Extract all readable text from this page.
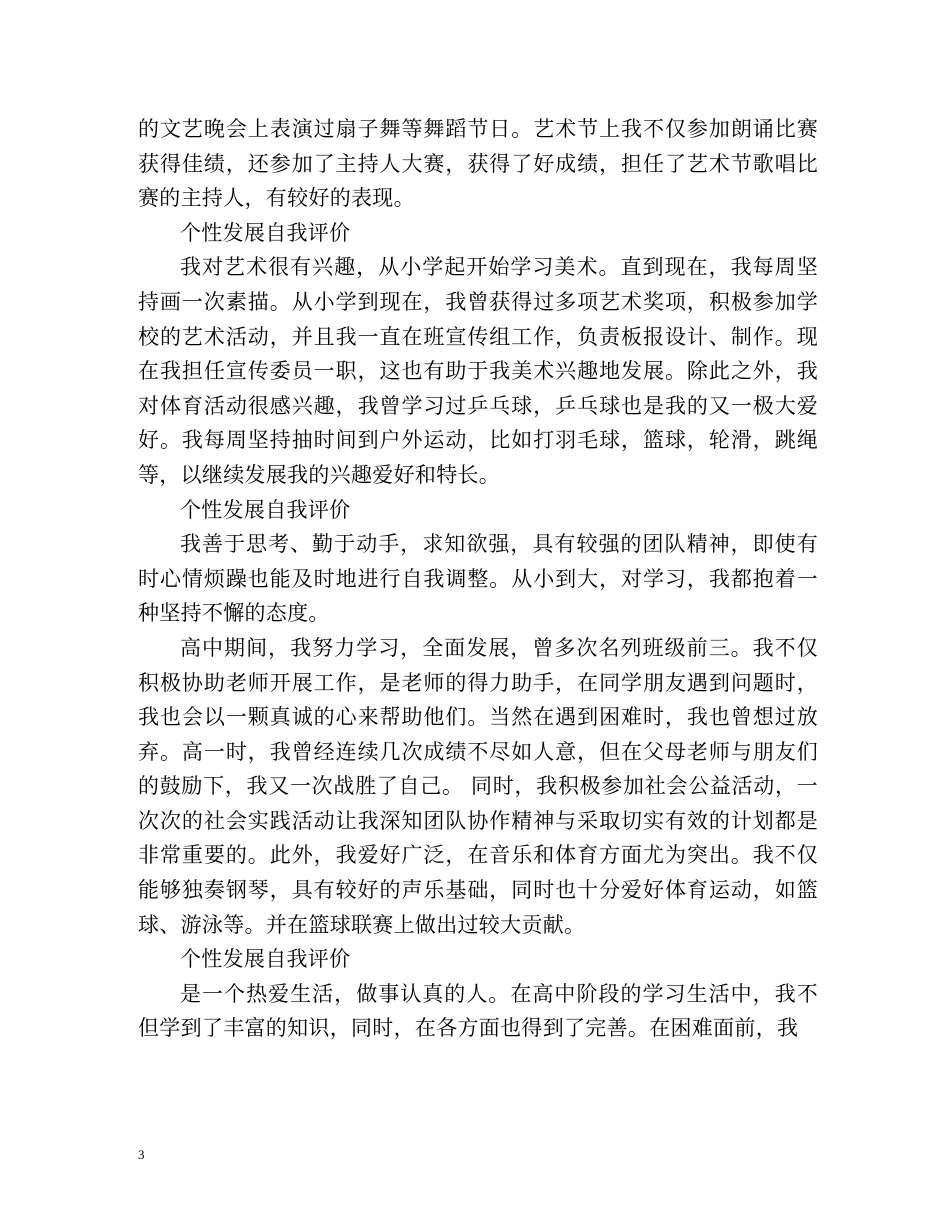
的文艺晚会上表演过扇子舞等舞蹈节日。艺术节上我不仅参加朗诵比赛获得佳绩，还参加了主持人大赛，获得了好成绩，担任了艺术节歌唱比赛的主持人，有较好的表现。

个性发展自我评价

我对艺术很有兴趣，从小学起开始学习美术。直到现在，我每周坚持画一次素描。从小学到现在，我曾获得过多项艺术奖项，积极参加学校的艺术活动，并且我一直在班宣传组工作，负责板报设计、制作。现在我担任宣传委员一职，这也有助于我美术兴趣地发展。除此之外，我对体育活动很感兴趣，我曾学习过乒乓球，乒乓球也是我的又一极大爱好。我每周坚持抽时间到户外运动，比如打羽毛球，篮球，轮滑，跳绳等，以继续发展我的兴趣爱好和特长。

个性发展自我评价

我善于思考、勤于动手，求知欲强，具有较强的团队精神，即使有时心情烦躁也能及时地进行自我调整。从小到大，对学习，我都抱着一种坚持不懈的态度。

高中期间，我努力学习，全面发展，曾多次名列班级前三。我不仅积极协助老师开展工作，是老师的得力助手，在同学朋友遇到问题时，我也会以一颗真诚的心来帮助他们。当然在遇到困难时，我也曾想过放弃。高一时，我曾经连续几次成绩不尽如人意，但在父母老师与朋友们的鼓励下，我又一次战胜了自己。 同时，我积极参加社会公益活动，一次次的社会实践活动让我深知团队协作精神与采取切实有效的计划都是非常重要的。此外，我爱好广泛，在音乐和体育方面尤为突出。我不仅能够独奏钢琴，具有较好的声乐基础，同时也十分爱好体育运动，如篮球、游泳等。并在篮球联赛上做出过较大贡献。

个性发展自我评价

是一个热爱生活，做事认真的人。在高中阶段的学习生活中，我不但学到了丰富的知识，同时，在各方面也得到了完善。在困难面前，我

3
